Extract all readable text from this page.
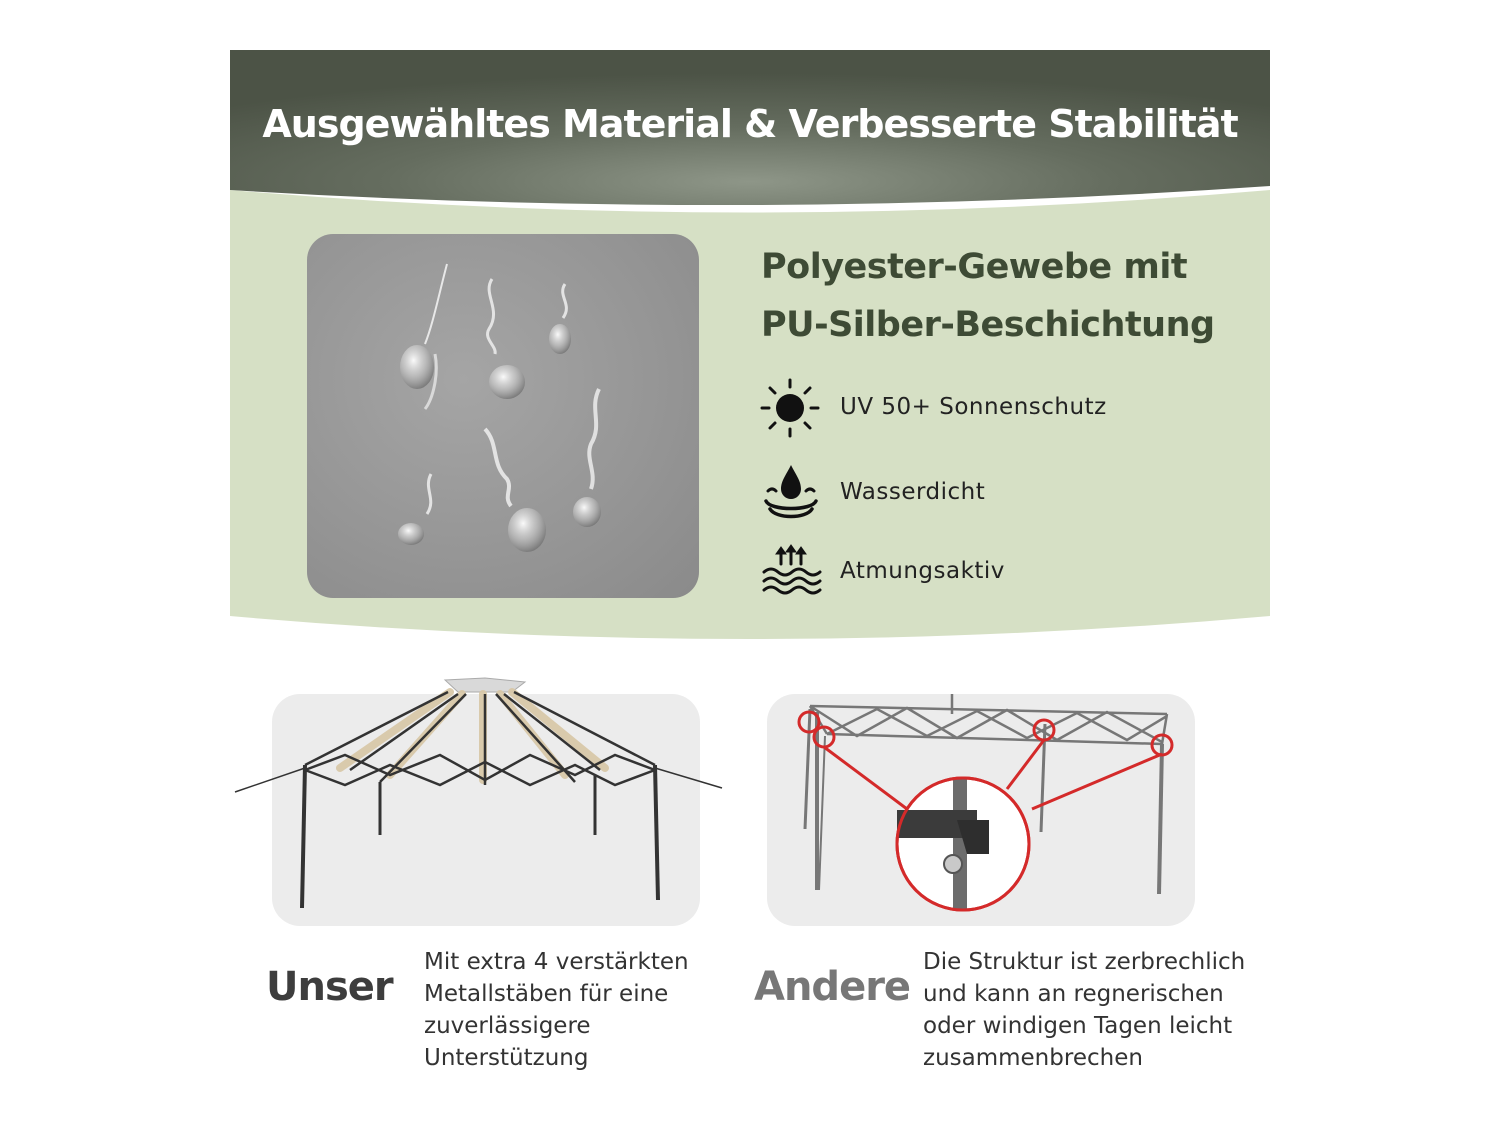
Ausgewähltes Material & Verbesserte Stabilität
Polyester-Gewebe mit
PU-Silber-Beschichtung
UV 50+ Sonnenschutz
Wasserdicht
Atmungsaktiv
Unser
Mit extra 4 verstärkten
Metallstäben für eine
zuverlässigere
Unterstützung
Andere
Die Struktur ist zerbrechlich
und kann an regnerischen
oder windigen Tagen leicht
zusammenbrechen
